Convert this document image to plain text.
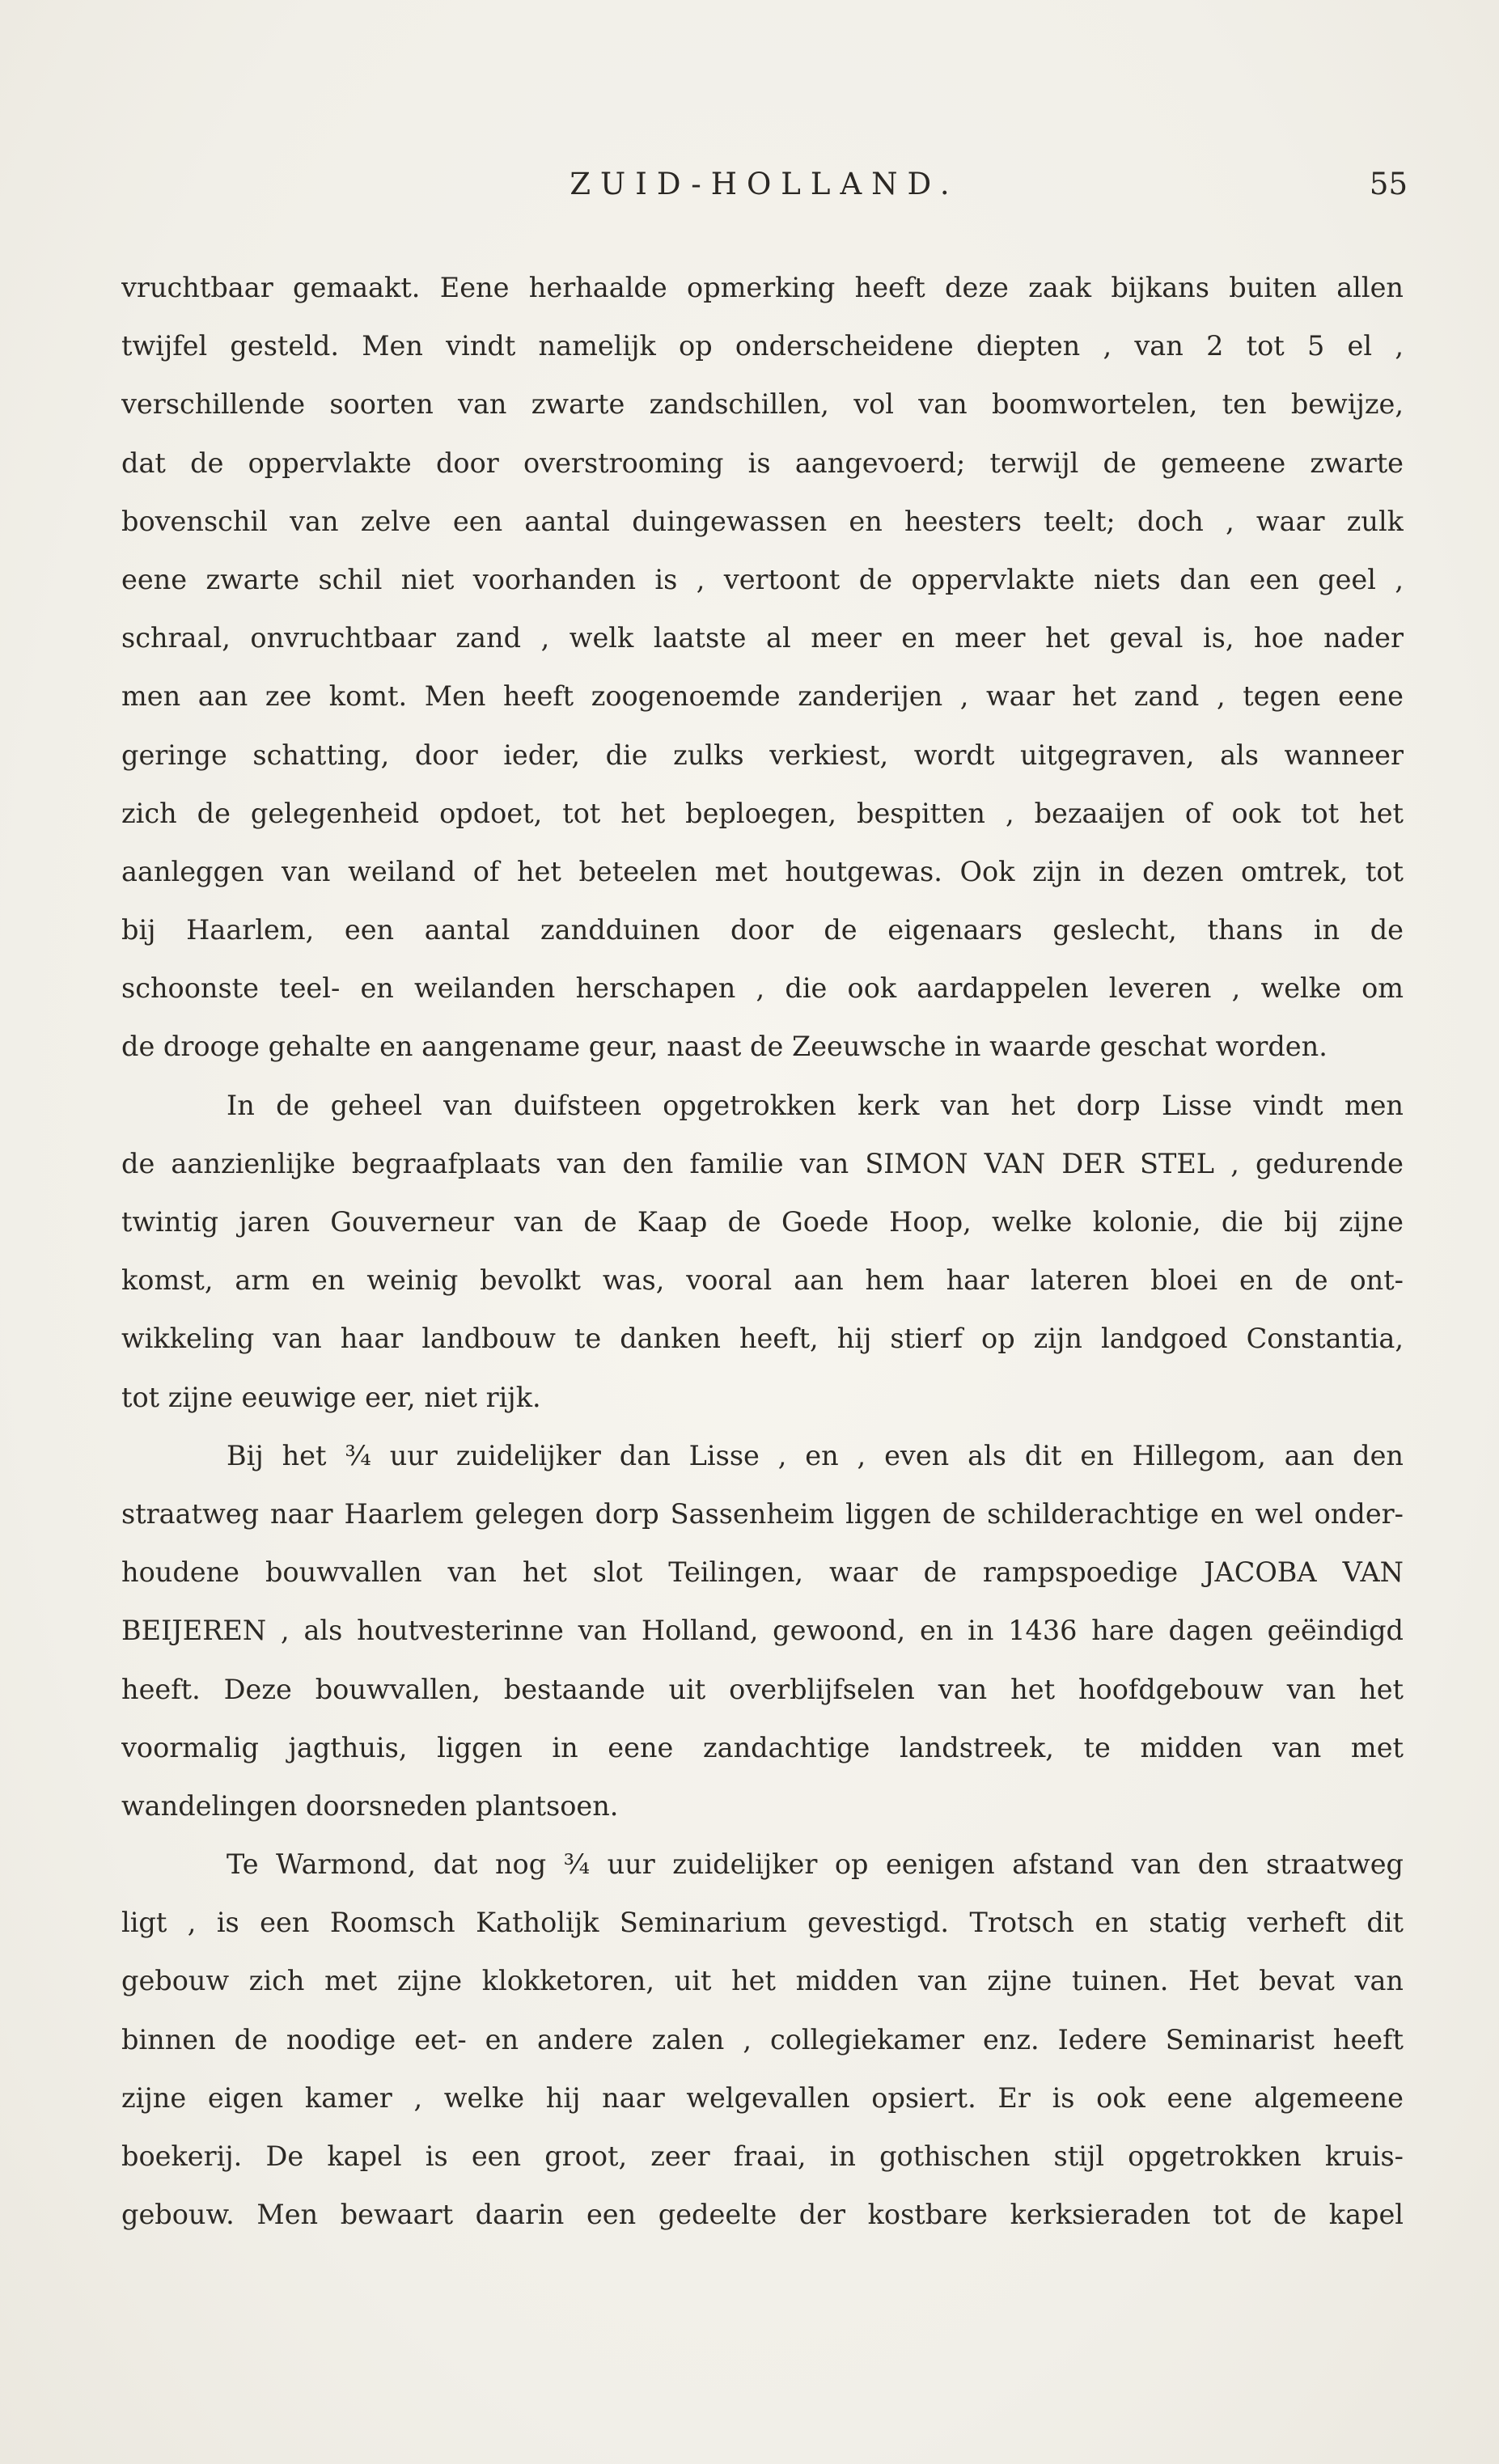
ZUID-HOLLAND.	55
vruchtbaar gemaakt. Eene herhaalde opmerking heeft deze zaak bijkans buiten allen
twijfel gesteld. Men vindt namelijk op onderscheidene diepten , van 2 tot 5 el ,
verschillende soorten van zwarte zandschillen, vol van boomwortelen, ten bewijze,
dat de oppervlakte door overstrooming is aangevoerd; terwijl de gemeene zwarte
bovenschil van zelve een aantal duingewassen en heesters teelt; doch , waar zulk
eene zwarte schil niet voorhanden is , vertoont de oppervlakte niets dan een geel ,
schraal, onvruchtbaar zand , welk laatste al meer en meer het geval is, hoe nader
men aan zee komt. Men heeft zoogenoemde zanderijen , waar het zand , tegen eene
geringe schatting, door ieder, die zulks verkiest, wordt uitgegraven, als wanneer
zich de gelegenheid opdoet, tot het beploegen, bespitten , bezaaijen of ook tot het
aanleggen van weiland of het beteelen met houtgewas. Ook zijn in dezen omtrek, tot
bij Haarlem, een aantal zandduinen door de eigenaars geslecht, thans in de
schoonste teel- en weilanden herschapen , die ook aardappelen leveren , welke om
de drooge gehalte en aangename geur, naast de Zeeuwsche in waarde geschat worden.
In de geheel van duifsteen opgetrokken kerk van het dorp Lisse vindt men
de aanzienlijke begraafplaats van den familie van SIMON VAN DER STEL , gedurende
twintig jaren Gouverneur van de Kaap de Goede Hoop, welke kolonie, die bij zijne
komst, arm en weinig bevolkt was, vooral aan hem haar lateren bloei en de ont-
wikkeling van haar landbouw te danken heeft, hij stierf op zijn landgoed Constantia,
tot zijne eeuwige eer, niet rijk.
Bij het ¾ uur zuidelijker dan Lisse , en , even als dit en Hillegom, aan den
straatweg naar Haarlem gelegen dorp Sassenheim liggen de schilderachtige en wel onder-
houdene bouwvallen van het slot Teilingen, waar de rampspoedige JACOBA VAN
BEIJEREN , als houtvesterinne van Holland, gewoond, en in 1436 hare dagen geëindigd
heeft. Deze bouwvallen, bestaande uit overblijfselen van het hoofdgebouw van het
voormalig jagthuis, liggen in eene zandachtige landstreek, te midden van met
wandelingen doorsneden plantsoen.
Te Warmond, dat nog ¾ uur zuidelijker op eenigen afstand van den straatweg
ligt , is een Roomsch Katholijk Seminarium gevestigd. Trotsch en statig verheft dit
gebouw zich met zijne klokketoren, uit het midden van zijne tuinen. Het bevat van
binnen de noodige eet- en andere zalen , collegiekamer enz. Iedere Seminarist heeft
zijne eigen kamer , welke hij naar welgevallen opsiert. Er is ook eene algemeene
boekerij. De kapel is een groot, zeer fraai, in gothischen stijl opgetrokken kruis-
gebouw. Men bewaart daarin een gedeelte der kostbare kerksieraden tot de kapel
